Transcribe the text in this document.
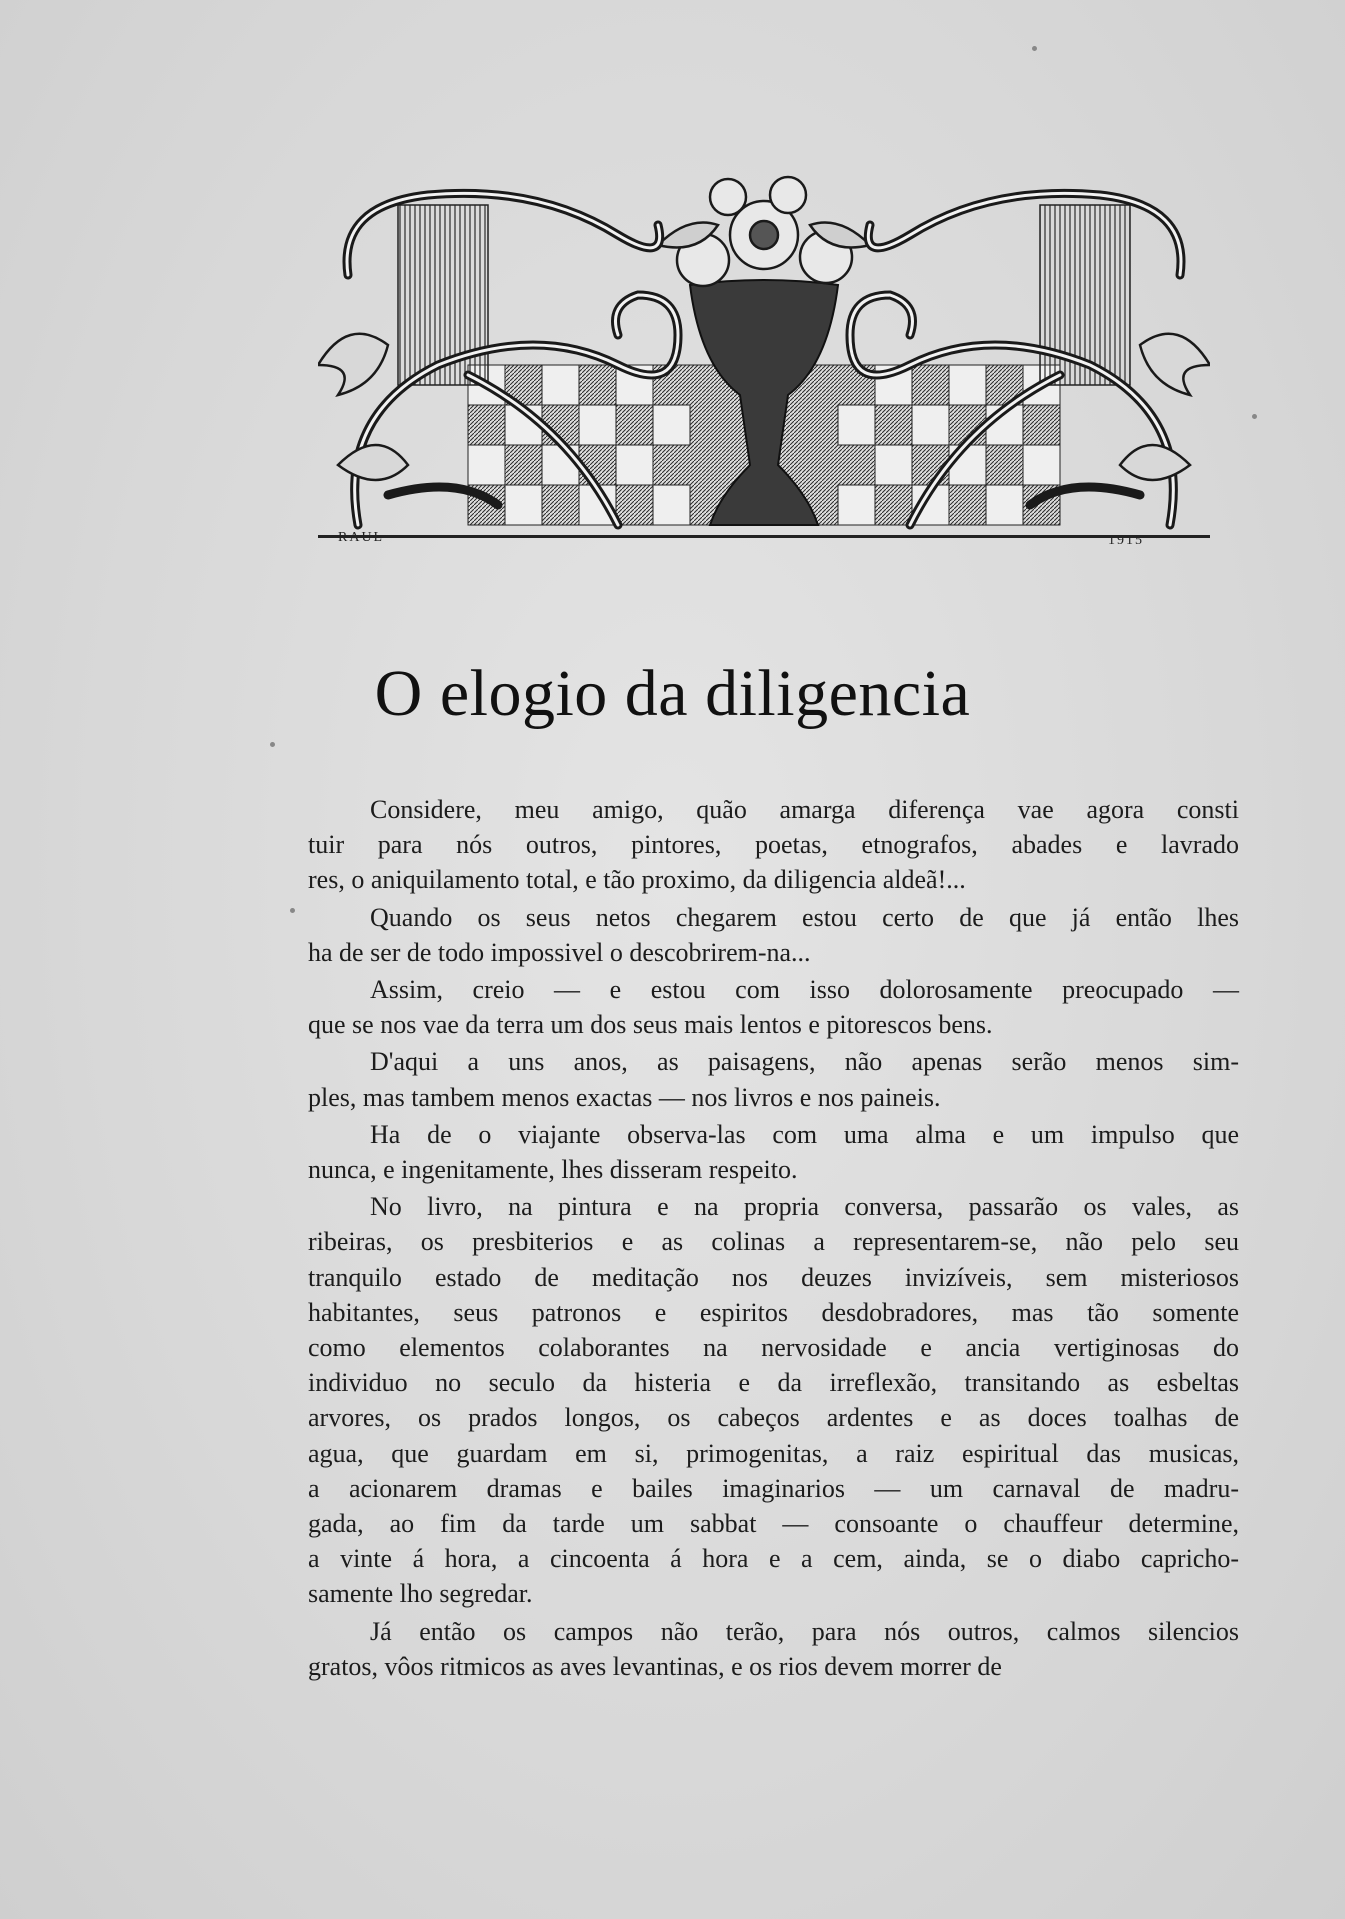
RAUL	1915
O elogio da diligencia

Considere, meu amigo, quão amarga diferença vae agora consti
tuir para nós outros, pintores, poetas, etnografos, abades e lavrado
res, o aniquilamento total, e tão proximo, da diligencia aldeã!...

Quando os seus netos chegarem estou certo de que já então lhes
ha de ser de todo impossivel o descobrirem-na...

Assim, creio — e estou com isso dolorosamente preocupado —
que se nos vae da terra um dos seus mais lentos e pitorescos bens.

D'aqui a uns anos, as paisagens, não apenas serão menos sim-
ples, mas tambem menos exactas — nos livros e nos paineis.

Ha de o viajante observa-las com uma alma e um impulso que
nunca, e ingenitamente, lhes disseram respeito.

No livro, na pintura e na propria conversa, passarão os vales, as
ribeiras, os presbiterios e as colinas a representarem-se, não pelo seu
tranquilo estado de meditação nos deuzes invizíveis, sem misteriosos
habitantes, seus patronos e espiritos desdobradores, mas tão somente
como elementos colaborantes na nervosidade e ancia vertiginosas do
individuo no seculo da histeria e da irreflexão, transitando as esbeltas
arvores, os prados longos, os cabeços ardentes e as doces toalhas de
agua, que guardam em si, primogenitas, a raiz espiritual das musicas,
a acionarem dramas e bailes imaginarios — um carnaval de madru-
gada, ao fim da tarde um sabbat — consoante o chauffeur determine,
a vinte á hora, a cincoenta á hora e a cem, ainda, se o diabo capricho-
samente lho segredar.

Já então os campos não terão, para nós outros, calmos silencios
gratos, vôos ritmicos as aves levantinas, e os rios devem morrer de
